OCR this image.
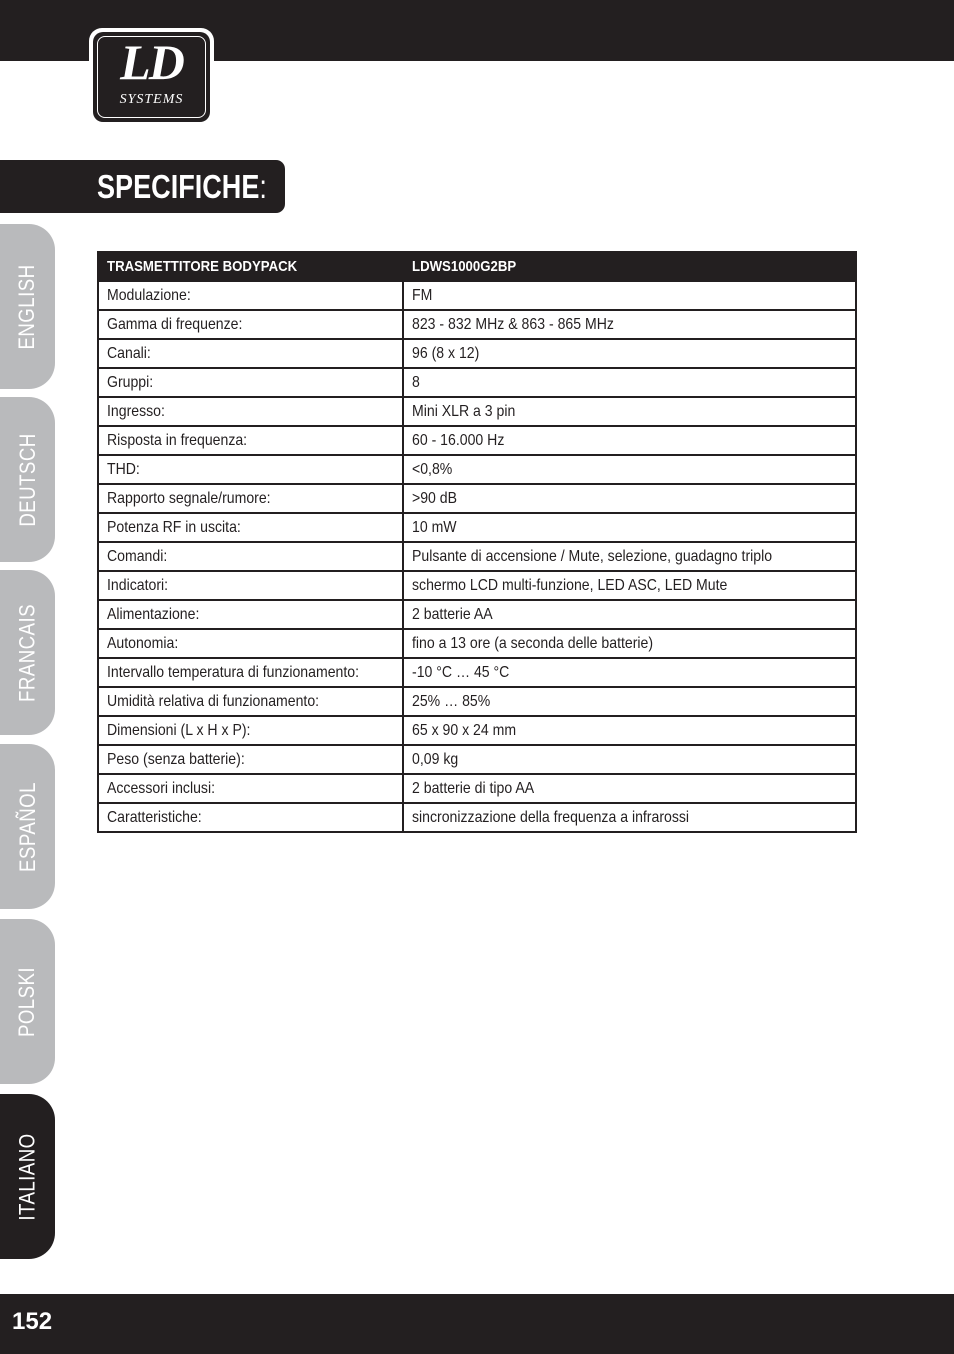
LD
SYSTEMS
SPECIFICHE:
ENGLISH
DEUTSCH
FRANCAIS
ESPAÑOL
POLSKI
ITALIANO
TRASMETTITORE BODYPACK	LDWS1000G2BP
Modulazione:	FM
Gamma di frequenze:	823 - 832 MHz & 863 - 865 MHz
Canali:	96 (8 x 12)
Gruppi:	8
Ingresso:	Mini XLR a 3 pin
Risposta in frequenza:	60 - 16.000 Hz
THD:	<0,8%
Rapporto segnale/rumore:	>90 dB
Potenza RF in uscita:	10 mW
Comandi:	Pulsante di accensione / Mute, selezione, guadagno triplo
Indicatori:	schermo LCD multi-funzione, LED ASC, LED Mute
Alimentazione:	2 batterie AA
Autonomia:	fino a 13 ore (a seconda delle batterie)
Intervallo temperatura di funzionamento:	-10 °C … 45 °C
Umidità relativa di funzionamento:	25% … 85%
Dimensioni (L x H x P):	65 x 90 x 24 mm
Peso (senza batterie):	0,09 kg
Accessori inclusi:	2 batterie di tipo AA
Caratteristiche:	sincronizzazione della frequenza a infrarossi
152
